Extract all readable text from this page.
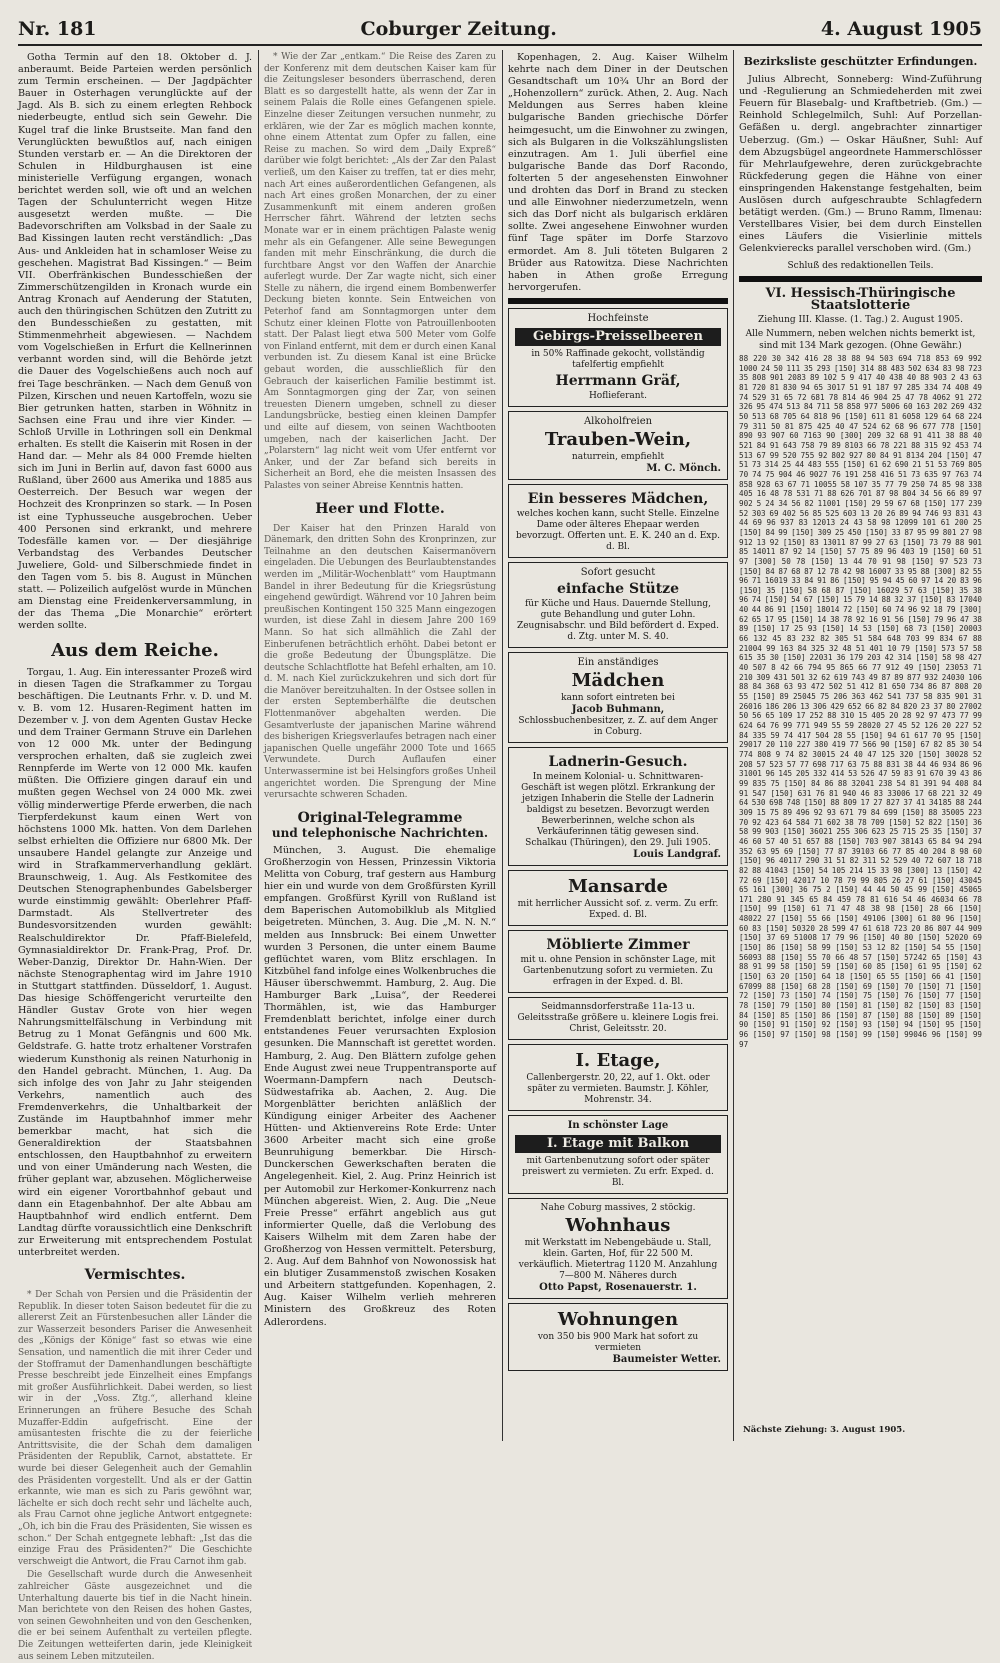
Nr. 181	Coburger Zeitung.	4. August 1905

Gotha Termin auf den 18. Oktober d. J. anberaumt. Beide Parteien werden persönlich zum Termin erscheinen. — Der Jagdpächter Bauer in Osterhagen verunglückte auf der Jagd. Als B. sich zu einem erlegten Rehbock niederbeugte, entlud sich sein Gewehr. Die Kugel traf die linke Brustseite. Man fand den Verunglückten bewußtlos auf, nach einigen Stunden verstarb er. — An die Direktoren der Schulen in Hildburghausen ist eine ministerielle Verfügung ergangen, wonach berichtet werden soll, wie oft und an welchen Tagen der Schulunterricht wegen Hitze ausgesetzt werden mußte. — Die Badevorschriften am Volksbad in der Saale zu Bad Kissingen lauten recht verständlich: „Das Aus- und Ankleiden hat in schamloser Weise zu geschehen. Magistrat Bad Kissingen.“ — Beim VII. Oberfränkischen Bundesschießen der Zimmerschützengilden in Kronach wurde ein Antrag Kronach auf Aenderung der Statuten, auch den thüringischen Schützen den Zutritt zu den Bundesschießen zu gestatten, mit Stimmenmehrheit abgewiesen. — Nachdem vom Vogelschießen in Erfurt die Kellnerinnen verbannt worden sind, will die Behörde jetzt die Dauer des Vogelschießens auch noch auf frei Tage beschränken. — Nach dem Genuß von Pilzen, Kirschen und neuen Kartoffeln, wozu sie Bier getrunken hatten, starben in Wöhnitz in Sachsen eine Frau und ihre vier Kinder. — Schloß Urville in Lothringen soll ein Denkmal erhalten. Es stellt die Kaiserin mit Rosen in der Hand dar. — Mehr als 84 000 Fremde hielten sich im Juni in Berlin auf, davon fast 6000 aus Rußland, über 2600 aus Amerika und 1885 aus Oesterreich. Der Besuch war wegen der Hochzeit des Kronprinzen so stark. — In Posen ist eine Typhusseuche ausgebrochen. Ueber 400 Personen sind erkrankt, und mehrere Todesfälle kamen vor. — Der diesjährige Verbandstag des Verbandes Deutscher Juweliere, Gold- und Silberschmiede findet in den Tagen vom 5. bis 8. August in München statt. — Polizeilich aufgelöst wurde in München am Dienstag eine Freidenkerversammlung, in der das Thema „Die Monarchie“ erörtert werden sollte.

Aus dem Reiche.

Torgau, 1. Aug. Ein interessanter Prozeß wird in diesen Tagen die Strafkammer zu Torgau beschäftigen. Die Leutnants Frhr. v. D. und M. v. B. vom 12. Husaren-Regiment hatten im Dezember v. J. von dem Agenten Gustav Hecke und dem Trainer Germann Struve ein Darlehen von 12 000 Mk. unter der Bedingung versprochen erhalten, daß sie zugleich zwei Rennpferde im Werte von 12 000 Mk. kaufen müßten. Die Offiziere gingen darauf ein und mußten gegen Wechsel von 24 000 Mk. zwei völlig minderwertige Pferde erwerben, die nach Tierpferdekunst kaum einen Wert von höchstens 1000 Mk. hatten. Von dem Darlehen selbst erhielten die Offiziere nur 6800 Mk. Der unsaubere Handel gelangte zur Anzeige und wird in Strafkammerverhandlung geklärt. Braunschweig, 1. Aug. Als Festkomitee des Deutschen Stenographenbundes Gabelsberger wurde einstimmig gewählt: Oberlehrer Pfaff-Darmstadt. Als Stellvertreter des Bundesvorsitzenden wurden gewählt: Realschuldirektor Dr. Pfaff-Bielefeld, Gymnasialdirektor Dr. Frank-Prag, Prof. Dr. Weber-Danzig, Direktor Dr. Hahn-Wien. Der nächste Stenographentag wird im Jahre 1910 in Stuttgart stattfinden. Düsseldorf, 1. August. Das hiesige Schöffengericht verurteilte den Händler Gustav Grote von hier wegen Nahrungsmittelfälschung in Verbindung mit Betrug zu 1 Monat Gefängnis und 600 Mk. Geldstrafe. G. hatte trotz erhaltener Vorstrafen wiederum Kunsthonig als reinen Naturhonig in den Handel gebracht. München, 1. Aug. Da sich infolge des von Jahr zu Jahr steigenden Verkehrs, namentlich auch des Fremdenverkehrs, die Unhaltbarkeit der Zustände im Hauptbahnhof immer mehr bemerkbar macht, hat sich die Generaldirektion der Staatsbahnen entschlossen, den Hauptbahnhof zu erweitern und von einer Umänderung nach Westen, die früher geplant war, abzusehen. Möglicherweise wird ein eigener Vorortbahnhof gebaut und dann ein Etagenbahnhof. Der alte Abbau am Hauptbahnhof wird endlich entfernt. Dem Landtag dürfte voraussichtlich eine Denkschrift zur Erweiterung mit entsprechendem Postulat unterbreitet werden.

Vermischtes.

* Der Schah von Persien und die Präsidentin der Republik. In dieser toten Saison bedeutet für die zu allererst Zeit an Fürstenbesuchen aller Länder die zur Wasserzeit besonders Pariser die Anwesenheit des „Königs der Könige“ fast so etwas wie eine Sensation, und namentlich die mit ihrer Ceder und der Stofframut der Damenhandlungen beschäftigte Presse beschreibt jede Einzelheit eines Empfangs mit großer Ausführlichkeit. Dabei werden, so liest wir in der „Voss. Ztg.“, allerhand kleine Erinnerungen an frühere Besuche des Schah Muzaffer-Eddin aufgefrischt. Eine der amüsantesten frischte die zu der feierliche Antrittsvisite, die der Schah dem damaligen Präsidenten der Republik, Carnot, abstattete. Er wurde bei dieser Gelegenheit auch der Gemahlin des Präsidenten vorgestellt. Und als er der Gattin erkannte, wie man es sich zu Paris gewöhnt war, lächelte er sich doch recht sehr und lächelte auch, als Frau Carnot ohne jegliche Antwort entgegnete: „Oh, ich bin die Frau des Präsidenten, Sie wissen es schon.“ Der Schah entgegnete lebhaft: „Ist das die einzige Frau des Präsidenten?“ Die Geschichte verschweigt die Antwort, die Frau Carnot ihm gab.

Die Gesellschaft wurde durch die Anwesenheit zahlreicher Gäste ausgezeichnet und die Unterhaltung dauerte bis tief in die Nacht hinein. Man berichtete von den Reisen des hohen Gastes, von seinen Gewohnheiten und von den Geschenken, die er bei seinem Aufenthalt zu verteilen pflegte. Die Zeitungen wetteiferten darin, jede Kleinigkeit aus seinem Leben mitzuteilen.

* Wie der Zar „entkam.“ Die Reise des Zaren zu der Konferenz mit dem deutschen Kaiser kam für die Zeitungsleser besonders überraschend, deren Blatt es so dargestellt hatte, als wenn der Zar in seinem Palais die Rolle eines Gefangenen spiele. Einzelne dieser Zeitungen versuchen nunmehr, zu erklären, wie der Zar es möglich machen konnte, ohne einem Attentat zum Opfer zu fallen, eine Reise zu machen. So wird dem „Daily Expreß“ darüber wie folgt berichtet: „Als der Zar den Palast verließ, um den Kaiser zu treffen, tat er dies mehr, nach Art eines außerordentlichen Gefangenen, als nach Art eines großen Monarchen, der zu einer Zusammenkunft mit einem anderen großen Herrscher fährt. Während der letzten sechs Monate war er in einem prächtigen Palaste wenig mehr als ein Gefangener. Alle seine Bewegungen fanden mit mehr Einschränkung, die durch die furchtbare Angst vor den Waffen der Anarchie auferlegt wurde. Der Zar wagte nicht, sich einer Stelle zu nähern, die irgend einem Bombenwerfer Deckung bieten konnte. Sein Entweichen von Peterhof fand am Sonntagmorgen unter dem Schutz einer kleinen Flotte von Patrouillenbooten statt. Der Palast liegt etwa 500 Meter vom Golfe von Finland entfernt, mit dem er durch einen Kanal verbunden ist. Zu diesem Kanal ist eine Brücke gebaut worden, die ausschließlich für den Gebrauch der kaiserlichen Familie bestimmt ist. Am Sonntagmorgen ging der Zar, von seinen treuesten Dienern umgeben, schnell zu dieser Landungsbrücke, bestieg einen kleinen Dampfer und eilte auf diesem, von seinen Wachtbooten umgeben, nach der kaiserlichen Jacht. Der „Polarstern“ lag nicht weit vom Ufer entfernt vor Anker, und der Zar befand sich bereits in Sicherheit an Bord, ehe die meisten Insassen des Palastes von seiner Abreise Kenntnis hatten.

Heer und Flotte.

Der Kaiser hat den Prinzen Harald von Dänemark, den dritten Sohn des Kronprinzen, zur Teilnahme an den deutschen Kaisermanövern eingeladen. Die Uebungen des Beurlaubtenstandes werden im „Militär-Wochenblatt“ vom Hauptmann Bandel in ihrer Bedeutung für die Kriegsrüstung eingehend gewürdigt. Während vor 10 Jahren beim preußischen Kontingent 150 325 Mann eingezogen wurden, ist diese Zahl in diesem Jahre 200 169 Mann. So hat sich allmählich die Zahl der Einberufenen beträchtlich erhöht. Dabei betont er die große Bedeutung der Übungsplätze. Die deutsche Schlachtflotte hat Befehl erhalten, am 10. d. M. nach Kiel zurückzukehren und sich dort für die Manöver bereitzuhalten. In der Ostsee sollen in der ersten Septemberhälfte die deutschen Flottenmanöver abgehalten werden. Die Gesamtverluste der japanischen Marine während des bisherigen Kriegsverlaufes betragen nach einer japanischen Quelle ungefähr 2000 Tote und 1665 Verwundete. Durch Auflaufen einer Unterwassermine ist bei Helsingfors großes Unheil angerichtet worden. Die Sprengung der Mine verursachte schweren Schaden.

Original-Telegramme
und telephonische Nachrichten.

München, 3. August. Die ehemalige Großherzogin von Hessen, Prinzessin Viktoria Melitta von Coburg, traf gestern aus Hamburg hier ein und wurde von dem Großfürsten Kyrill empfangen. Großfürst Kyrill von Rußland ist dem Baperischen Automobilklub als Mitglied beigetreten. München, 3. Aug. Die „M. N. N.“ melden aus Innsbruck: Bei einem Unwetter wurden 3 Personen, die unter einem Baume geflüchtet waren, vom Blitz erschlagen. In Kitzbühel fand infolge eines Wolkenbruches die Häuser überschwemmt. Hamburg, 2. Aug. Die Hamburger Bark „Luisa“, der Reederei Thormählen, ist, wie das Hamburger Fremdenblatt berichtet, infolge einer durch entstandenes Feuer verursachten Explosion gesunken. Die Mannschaft ist gerettet worden. Hamburg, 2. Aug. Den Blättern zufolge gehen Ende August zwei neue Truppentransporte auf Woermann-Dampfern nach Deutsch-Südwestafrika ab. Aachen, 2. Aug. Die Morgenblätter berichten anläßlich der Kündigung einiger Arbeiter des Aachener Hütten- und Aktienvereins Rote Erde: Unter 3600 Arbeiter macht sich eine große Beunruhigung bemerkbar. Die Hirsch-Dunckerschen Gewerkschaften beraten die Angelegenheit. Kiel, 2. Aug. Prinz Heinrich ist per Automobil zur Herkomer-Konkurrenz nach München abgereist. Wien, 2. Aug. Die „Neue Freie Presse“ erfährt angeblich aus gut informierter Quelle, daß die Verlobung des Kaisers Wilhelm mit dem Zaren habe der Großherzog von Hessen vermittelt. Petersburg, 2. Aug. Auf dem Bahnhof von Nowonossisk hat ein blutiger Zusammenstoß zwischen Kosaken und Arbeitern stattgefunden. Kopenhagen, 2. Aug. Kaiser Wilhelm verlieh mehreren Ministern des Großkreuz des Roten Adlerordens.

Kopenhagen, 2. Aug. Kaiser Wilhelm kehrte nach dem Diner in der Deutschen Gesandtschaft um 10¾ Uhr an Bord der „Hohenzollern“ zurück. Athen, 2. Aug. Nach Meldungen aus Serres haben kleine bulgarische Banden griechische Dörfer heimgesucht, um die Einwohner zu zwingen, sich als Bulgaren in die Volkszählungslisten einzutragen. Am 1. Juli überfiel eine bulgarische Bande das Dorf Racondo, folterten 5 der angesehensten Einwohner und drohten das Dorf in Brand zu stecken und alle Einwohner niederzumetzeln, wenn sich das Dorf nicht als bulgarisch erklären sollte. Zwei angesehene Einwohner wurden fünf Tage später im Dorfe Starzovo ermordet. Am 8. Juli töteten Bulgaren 2 Brüder aus Ratowitza. Diese Nachrichten haben in Athen große Erregung hervorgerufen.

Hochfeinste
Gebirgs-Preisselbeeren
in 50% Raffinade gekocht, vollständig tafelfertig empfiehlt
Herrmann Gräf,
Hoflieferant.
Alkoholfreien
Trauben-Wein,
naturrein, empfiehlt
M. C. Mönch.
Ein besseres Mädchen,
welches kochen kann, sucht Stelle. Einzelne Dame oder älteres Ehepaar werden bevorzugt. Offerten unt. E. K. 240 an d. Exp. d. Bl.
Sofort gesucht
einfache Stütze
für Küche und Haus. Dauernde Stellung, gute Behandlung und guter Lohn. Zeugnisabschr. und Bild befördert d. Exped. d. Ztg. unter M. S. 40.
Ein anständiges
Mädchen
kann sofort eintreten bei
Jacob Buhmann,
Schlossbuchenbesitzer, z. Z. auf dem Anger in Coburg.
Ladnerin-Gesuch.
In meinem Kolonial- u. Schnittwaren-Geschäft ist wegen plötzl. Erkrankung der jetzigen Inhaberin die Stelle der Ladnerin baldigst zu besetzen. Bevorzugt werden Bewerberinnen, welche schon als Verkäuferinnen tätig gewesen sind.
Schalkau (Thüringen), den 29. Juli 1905.
Louis Landgraf.
Mansarde
mit herrlicher Aussicht sof. z. verm. Zu erfr. Exped. d. Bl.
Möblierte Zimmer
mit u. ohne Pension in schönster Lage, mit Gartenbenutzung sofort zu vermieten. Zu erfragen in der Exped. d. Bl.
Seidmannsdorferstraße 11a-13 u. Geleitsstraße größere u. kleinere Logis frei. Christ, Geleitsstr. 20.
I. Etage,
Callenbergerstr. 20, 22, auf 1. Okt. oder später zu vermieten. Baumstr. J. Köhler, Mohrenstr. 34.
In schönster Lage
I. Etage mit Balkon
mit Gartenbenutzung sofort oder später preiswert zu vermieten. Zu erfr. Exped. d. Bl.
Nahe Coburg massives, 2 stöckig.
Wohnhaus
mit Werkstatt im Nebengebäude u. Stall, klein. Garten, Hof, für 22 500 M. verkäuflich. Mietertrag 1120 M. Anzahlung 7—800 M. Näheres durch
Otto Papst, Rosenauerstr. 1.
Wohnungen
von 350 bis 900 Mark hat sofort zu vermieten
Baumeister Wetter.
Bezirksliste geschützter Erfindungen.

Julius Albrecht, Sonneberg: Wind-Zuführung und -Regulierung an Schmiedeherden mit zwei Feuern für Blasebalg- und Kraftbetrieb. (Gm.) — Reinhold Schlegelmilch, Suhl: Auf Porzellan-Gefäßen u. dergl. angebrachter zinnartiger Ueberzug. (Gm.) — Oskar Häußner, Suhl: Auf dem Abzugsbügel angeordnete Hammerschlösser für Mehrlaufgewehre, deren zurückgebrachte Rückfederung gegen die Hähne von einer einspringenden Hakenstange festgehalten, beim Auslösen durch aufgeschraubte Schlagfedern betätigt werden. (Gm.) — Bruno Ramm, Ilmenau: Verstellbares Visier, bei dem durch Einstellen eines Läufers die Visierlinie mittels Gelenkvierecks parallel verschoben wird. (Gm.)

Schluß des redaktionellen Teils.
VI. Hessisch-Thüringische Staatslotterie
Ziehung III. Klasse. (1. Tag.) 2. August 1905.
Alle Nummern, neben welchen nichts bemerkt ist, sind mit 134 Mark gezogen. (Ohne Gewähr.)
88 220 30 342 416 28 38 88 94 503 694 718 853 69 992 1000 24 50 111 35 293 [150] 314 88 483 502 634 83 98 723 35 808 901 2083 89 102 5 9 417 40 438 40 88 903 2 43 63 81 720 81 830 94 65 3017 51 91 187 97 285 334 74 408 49 74 529 31 65 72 681 78 814 46 904 25 47 78 4062 91 272 326 95 474 513 84 711 58 858 977 5006 60 163 202 269 432 50 513 68 705 64 818 96 [150] 611 81 6058 129 64 68 224 79 311 50 81 875 425 40 47 524 62 68 96 677 778 [150] 890 93 907 60 7163 90 [300] 209 32 68 91 411 38 88 40 521 84 91 643 758 79 89 8103 66 78 221 88 315 92 453 74 513 67 99 520 755 92 802 927 80 84 91 8134 204 [150] 47 51 73 314 25 44 483 555 [150] 61 62 690 21 51 53 769 805 70 74 75 904 46 9027 76 191 258 416 51 73 635 97 763 74 858 928 63 67 71 10055 58 107 35 77 79 250 74 85 98 338 405 16 48 78 531 71 88 626 701 87 98 804 34 56 66 89 97 902 5 24 34 56 82 11001 [150] 29 59 67 68 [150] 177 239 52 303 69 402 56 85 525 603 13 20 26 89 94 746 93 831 43 44 69 96 937 83 12013 24 43 58 98 12099 101 61 200 25 [150] 84 99 [150] 309 25 450 [150] 33 87 95 99 801 27 98 912 13 92 [150] 83 13011 87 99 27 63 [150] 73 79 88 901 85 14011 87 92 14 [150] 57 75 89 96 403 19 [150] 60 51 97 [300] 50 78 [150] 13 44 70 91 98 [150] 97 523 73 [150] 84 87 68 87 12 78 42 98 16007 33 95 88 [300] 82 55 96 71 16019 33 84 91 86 [150] 95 94 45 60 97 14 20 83 96 [150] 35 [150] 58 68 87 [150] 16029 57 63 [150] 35 38 96 74 [150] 54 67 [150] 15 79 14 88 32 37 [150] 83 17040 40 44 86 91 [150] 18014 72 [150] 60 74 96 92 18 79 [300] 62 65 17 95 [150] 14 38 78 92 16 91 56 [150] 79 96 47 38 89 [150] 17 25 93 [150] 14 53 [150] 68 73 [150] 20003 66 132 45 83 232 82 305 51 584 648 703 99 834 67 88 21004 99 163 84 325 32 48 51 401 10 79 [150] 573 57 58 615 35 30 [150] 22031 36 179 203 42 314 [150] 58 98 427 40 507 8 42 66 794 95 865 66 77 912 49 [150] 23053 71 210 309 431 501 32 62 619 743 49 87 89 877 932 24030 106 88 84 368 63 93 472 502 51 412 81 650 734 86 87 808 20 55 [150] 89 25045 75 206 363 462 541 737 58 835 901 31 26016 186 206 13 306 429 652 66 82 84 820 23 37 80 27002 50 56 65 109 17 252 88 310 15 405 20 28 92 97 473 77 99 624 64 76 99 771 949 55 59 28020 27 45 52 126 20 227 52 84 335 59 74 417 504 28 55 [150] 94 61 617 70 95 [150] 29017 20 110 227 380 419 77 566 90 [150] 67 82 85 30 54 774 808 9 74 82 30015 24 40 47 125 320 [150] 30028 52 208 57 523 57 77 698 717 63 75 88 831 38 44 46 934 86 96 31001 96 145 205 332 414 53 526 47 59 83 91 670 39 43 86 99 835 75 [150] 84 86 88 32041 238 54 81 391 94 408 84 91 547 [150] 631 76 81 940 46 83 33006 17 68 221 32 49 64 530 698 748 [150] 88 809 17 27 827 37 41 34185 88 244 309 15 75 89 496 92 93 671 79 84 699 [150] 88 35005 223 70 92 423 64 584 71 602 38 78 709 [150] 52 822 [150] 36 58 99 903 [150] 36021 255 306 623 25 715 25 35 [150] 37 46 60 57 40 51 657 88 [150] 703 907 38143 65 84 94 294 352 63 95 69 [150] 77 87 39103 66 77 85 40 204 8 98 60 [150] 96 40117 290 31 51 82 311 52 529 40 72 607 18 718 82 88 41043 [150] 54 105 214 15 33 98 [300] 13 [150] 42 72 69 [150] 42017 10 78 79 99 805 26 27 61 [150] 43045 65 161 [300] 36 75 2 [150] 44 44 50 45 99 [150] 45065 171 280 91 345 65 84 459 78 81 616 54 46 46034 66 78 [150] 99 [150] 61 71 47 48 38 98 [150] 28 66 [150] 48022 27 [150] 55 66 [150] 49106 [300] 61 80 96 [150] 60 83 [150] 50320 28 599 47 61 618 723 20 86 807 44 909 [150] 37 69 51008 17 79 96 [150] 40 80 [150] 52020 69 [150] 86 [150] 58 99 [150] 53 12 82 [150] 54 55 [150] 56093 88 [150] 55 70 66 48 57 [150] 57242 65 [150] 43 88 91 99 58 [150] 59 [150] 60 85 [150] 61 95 [150] 62 [150] 63 20 [150] 64 18 [150] 65 55 [150] 66 41 [150] 67099 88 [150] 68 28 [150] 69 [150] 70 [150] 71 [150] 72 [150] 73 [150] 74 [150] 75 [150] 76 [150] 77 [150] 78 [150] 79 [150] 80 [150] 81 [150] 82 [150] 83 [150] 84 [150] 85 [150] 86 [150] 87 [150] 88 [150] 89 [150] 90 [150] 91 [150] 92 [150] 93 [150] 94 [150] 95 [150] 96 [150] 97 [150] 98 [150] 99 [150] 99046 96 [150] 99 97
Nächste Ziehung: 3. August 1905.
